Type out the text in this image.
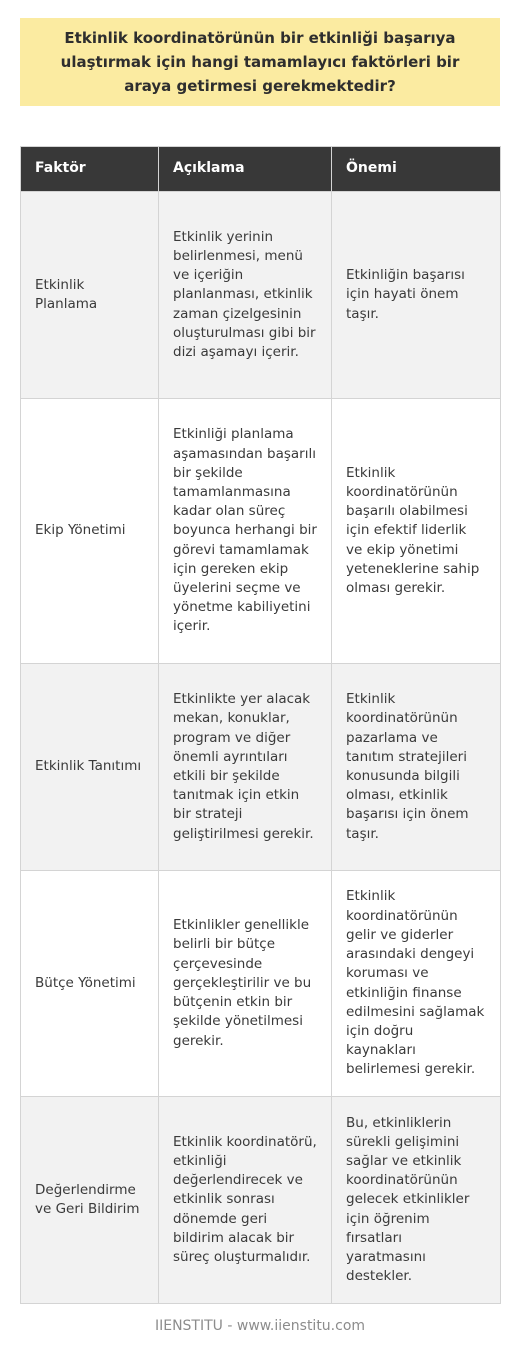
Etkinlik koordinatörünün bir etkinliği başarıya ulaştırmak için hangi tamamlayıcı faktörleri bir araya getirmesi gerekmektedir?

Faktör	Açıklama	Önemi
Etkinlik Planlama	Etkinlik yerinin belirlenmesi, menü ve içeriğin planlanması, etkinlik zaman çizelgesinin oluşturulması gibi bir dizi aşamayı içerir.	Etkinliğin başarısı için hayati önem taşır.
Ekip Yönetimi	Etkinliği planlama aşamasından başarılı bir şekilde tamamlanmasına kadar olan süreç boyunca herhangi bir görevi tamamlamak için gereken ekip üyelerini seçme ve yönetme kabiliyetini içerir.	Etkinlik koordinatörünün başarılı olabilmesi için efektif liderlik ve ekip yönetimi yeteneklerine sahip olması gerekir.
Etkinlik Tanıtımı	Etkinlikte yer alacak mekan, konuklar, program ve diğer önemli ayrıntıları etkili bir şekilde tanıtmak için etkin bir strateji geliştirilmesi gerekir.	Etkinlik koordinatörünün pazarlama ve tanıtım stratejileri konusunda bilgili olması, etkinlik başarısı için önem taşır.
Bütçe Yönetimi	Etkinlikler genellikle belirli bir bütçe çerçevesinde gerçekleştirilir ve bu bütçenin etkin bir şekilde yönetilmesi gerekir.	Etkinlik koordinatörünün gelir ve giderler arasındaki dengeyi koruması ve etkinliğin finanse edilmesini sağlamak için doğru kaynakları belirlemesi gerekir.
Değerlendirme ve Geri Bildirim	Etkinlik koordinatörü, etkinliği değerlendirecek ve etkinlik sonrası dönemde geri bildirim alacak bir süreç oluşturmalıdır.	Bu, etkinliklerin sürekli gelişimini sağlar ve etkinlik koordinatörünün gelecek etkinlikler için öğrenim fırsatları yaratmasını destekler.
IIENSTITU - www.iienstitu.com
